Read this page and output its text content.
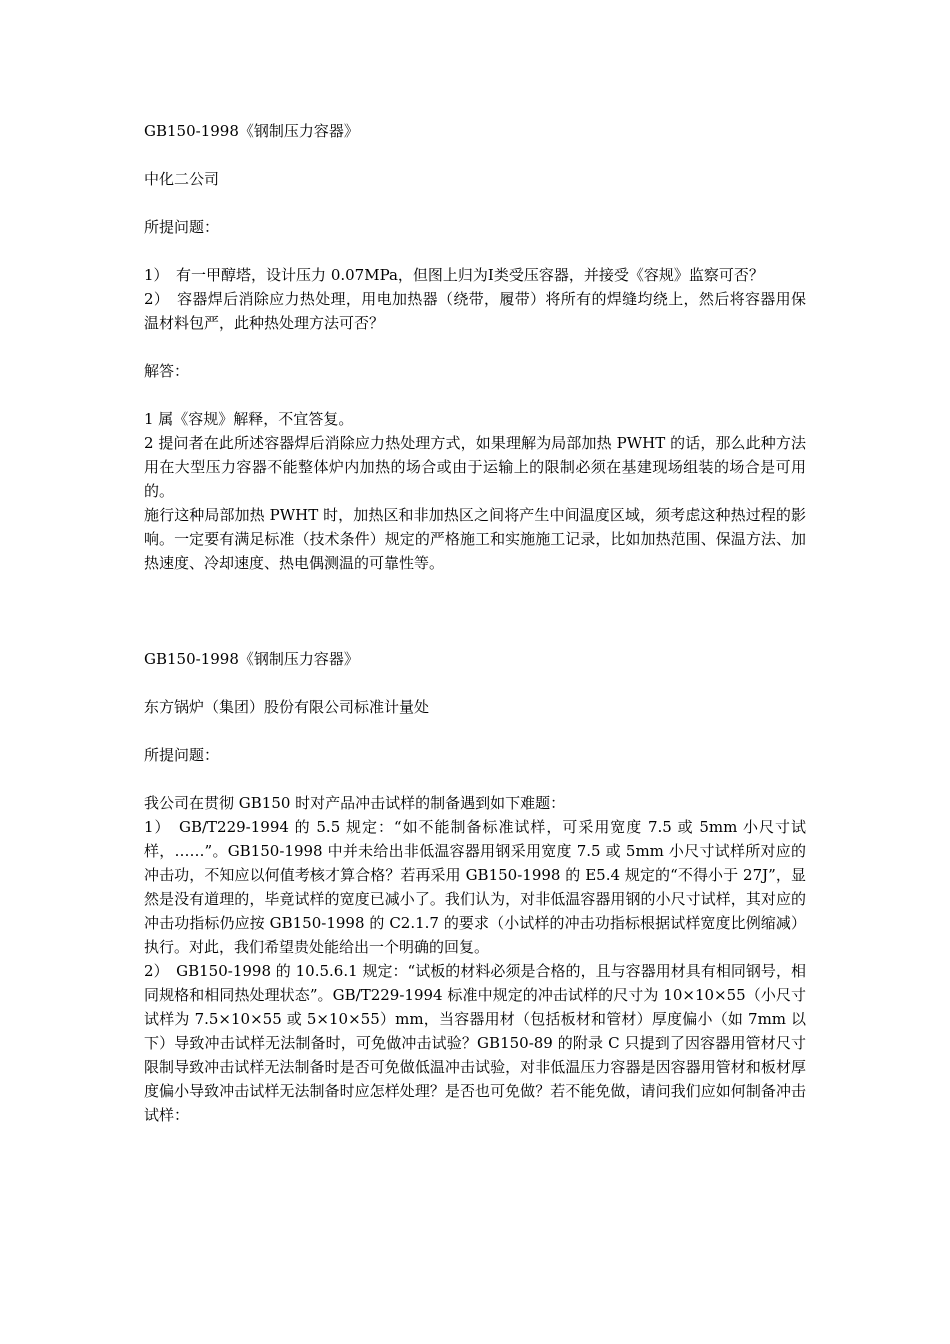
GB150-1998《钢制压力容器》

中化二公司

所提问题：

1）　有一甲醇塔，设计压力 0.07MPa，但图上归为Ⅰ类受压容器，并接受《容规》监察可否？

2）　容器焊后消除应力热处理，用电加热器（绕带，履带）将所有的焊缝均绕上，然后将容器用保温材料包严，此种热处理方法可否？

解答：

1 属《容规》解释，不宜答复。

2 提问者在此所述容器焊后消除应力热处理方式，如果理解为局部加热 PWHT 的话，那么此种方法用在大型压力容器不能整体炉内加热的场合或由于运输上的限制必须在基建现场组装的场合是可用的。

施行这种局部加热 PWHT 时，加热区和非加热区之间将产生中间温度区域，须考虑这种热过程的影响。一定要有满足标准（技术条件）规定的严格施工和实施施工记录，比如加热范围、保温方法、加热速度、冷却速度、热电偶测温的可靠性等。

GB150-1998《钢制压力容器》

东方锅炉（集团）股份有限公司标准计量处

所提问题：

我公司在贯彻 GB150 时对产品冲击试样的制备遇到如下难题：

1）　GB/T229-1994 的 5.5 规定：“如不能制备标准试样，可采用宽度 7.5 或 5mm 小尺寸试样，……”。GB150-1998 中并未给出非低温容器用钢采用宽度 7.5 或 5mm 小尺寸试样所对应的冲击功，不知应以何值考核才算合格？若再采用 GB150-1998 的 E5.4 规定的“不得小于 27J”，显然是没有道理的，毕竟试样的宽度已减小了。我们认为，对非低温容器用钢的小尺寸试样，其对应的冲击功指标仍应按 GB150-1998 的 C2.1.7 的要求（小试样的冲击功指标根据试样宽度比例缩减）执行。对此，我们希望贵处能给出一个明确的回复。

2）　GB150-1998 的 10.5.6.1 规定：“试板的材料必须是合格的，且与容器用材具有相同钢号，相同规格和相同热处理状态”。GB/T229-1994 标准中规定的冲击试样的尺寸为 10×10×55（小尺寸试样为 7.5×10×55 或 5×10×55）mm，当容器用材（包括板材和管材）厚度偏小（如 7mm 以下）导致冲击试样无法制备时，可免做冲击试验？GB150-89 的附录 C 只提到了因容器用管材尺寸限制导致冲击试样无法制备时是否可免做低温冲击试验，对非低温压力容器是因容器用管材和板材厚度偏小导致冲击试样无法制备时应怎样处理？是否也可免做？若不能免做，请问我们应如何制备冲击试样：
